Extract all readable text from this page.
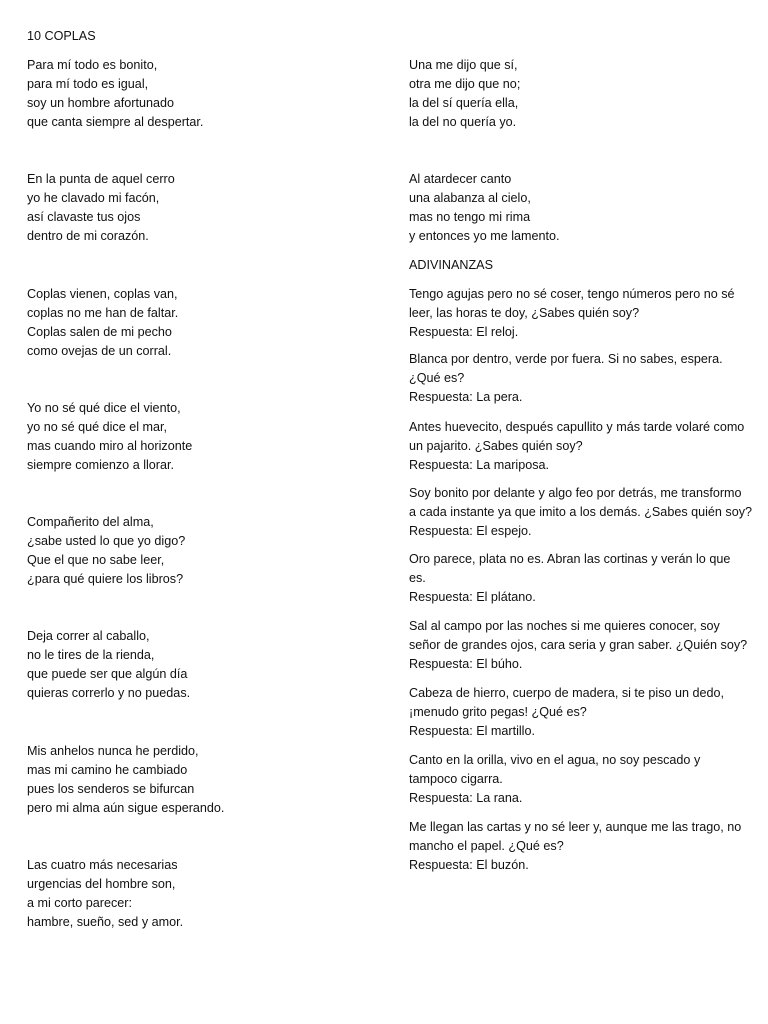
10 COPLAS
Para mí todo es bonito,
para mí todo es igual,
soy un hombre afortunado
que canta siempre al despertar.
En la punta de aquel cerro
yo he clavado mi facón,
así clavaste tus ojos
dentro de mi corazón.
Coplas vienen, coplas van,
coplas no me han de faltar.
Coplas salen de mi pecho
como ovejas de un corral.
Yo no sé qué dice el viento,
yo no sé qué dice el mar,
mas cuando miro al horizonte
siempre comienzo a llorar.
Compañerito del alma,
¿sabe usted lo que yo digo?
Que el que no sabe leer,
¿para qué quiere los libros?
Deja correr al caballo,
no le tires de la rienda,
que puede ser que algún día
quieras correrlo y no puedas.
Mis anhelos nunca he perdido,
mas mi camino he cambiado
pues los senderos se bifurcan
pero mi alma aún sigue esperando.
Las cuatro más necesarias
urgencias del hombre son,
a mi corto parecer:
hambre, sueño, sed y amor.
Una me dijo que sí,
otra me dijo que no;
la del sí quería ella,
la del no quería yo.
Al atardecer canto
una alabanza al cielo,
mas no tengo mi rima
y entonces yo me lamento.
ADIVINANZAS
Tengo agujas pero no sé coser, tengo números pero no sé
leer, las horas te doy, ¿Sabes quién soy?
Respuesta: El reloj.
Blanca por dentro, verde por fuera. Si no sabes, espera.
¿Qué es?
Respuesta: La pera.
Antes huevecito, después capullito y más tarde volaré como
un pajarito. ¿Sabes quién soy?
Respuesta: La mariposa.
Soy bonito por delante y algo feo por detrás, me transformo
a cada instante ya que imito a los demás. ¿Sabes quién soy?
Respuesta: El espejo.
Oro parece, plata no es. Abran las cortinas y verán lo que
es.
Respuesta: El plátano.
Sal al campo por las noches si me quieres conocer, soy
señor de grandes ojos, cara seria y gran saber. ¿Quién soy?
Respuesta: El búho.
Cabeza de hierro, cuerpo de madera, si te piso un dedo,
¡menudo grito pegas! ¿Qué es?
Respuesta: El martillo.
Canto en la orilla, vivo en el agua, no soy pescado y
tampoco cigarra.
Respuesta: La rana.
Me llegan las cartas y no sé leer y, aunque me las trago, no
mancho el papel. ¿Qué es?
Respuesta: El buzón.
